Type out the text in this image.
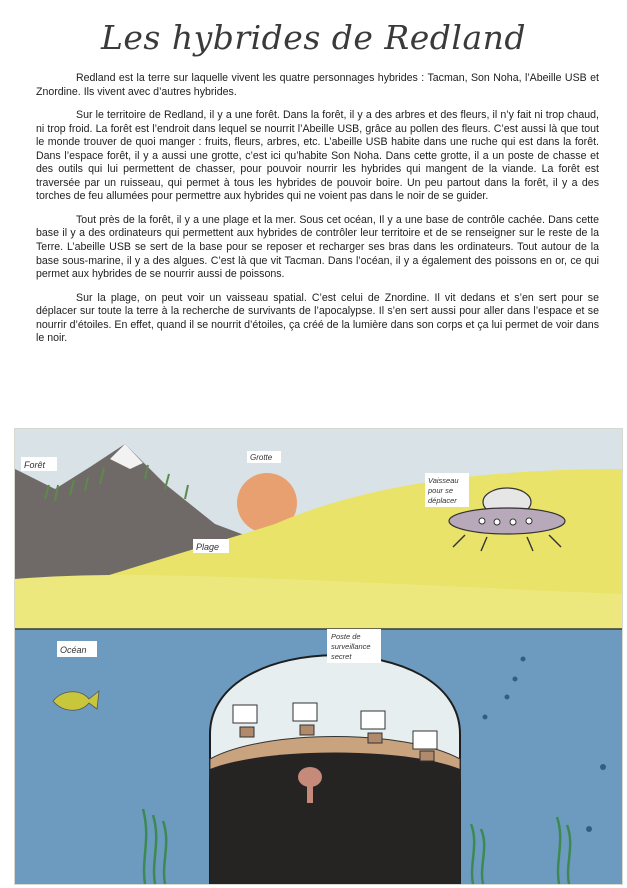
Les hybrides de Redland

Redland est la terre sur laquelle vivent les quatre personnages hybrides : Tacman, Son Noha, l’Abeille USB et Znordine. Ils vivent avec d’autres hybrides.

Sur le territoire de Redland, il y a une forêt. Dans la forêt, il y a des arbres et des fleurs, il n’y fait ni trop chaud, ni trop froid. La forêt est l’endroit dans lequel se nourrit l’Abeille USB, grâce au pollen des fleurs. C’est aussi là que tout le monde trouver de quoi manger : fruits, fleurs, arbres, etc. L’abeille USB habite dans une ruche qui est dans la forêt. Dans l’espace forêt, il y a aussi une grotte, c’est ici qu’habite Son Noha. Dans cette grotte, il a un poste de chasse et des outils qui lui permettent de chasser, pour pouvoir nourrir les hybrides qui mangent de la viande. La forêt est traversée par un ruisseau, qui permet à tous les hybrides de pouvoir boire. Un peu partout dans la forêt, il y a des torches de feu allumées pour permettre aux hybrides qui ne voient pas dans le noir de se guider.

Tout près de la forêt, il y a une plage et la mer. Sous cet océan, Il y a une base de contrôle cachée. Dans cette base il y a des ordinateurs qui permettent aux hybrides de contrôler leur territoire et de se renseigner sur le reste de la Terre. L’abeille USB se sert de la base pour se reposer et recharger ses bras dans les ordinateurs. Tout autour de la base sous-marine, il y a des algues. C’est là que vit Tacman. Dans l’océan, il y a également des poissons en or, ce qui permet aux hybrides de se nourrir aussi de poissons.

Sur la plage, on peut voir un vaisseau spatial. C’est celui de Znordine. Il vit dedans et s’en sert pour se déplacer sur toute la terre à la recherche de survivants de l’apocalypse. Il s’en sert aussi pour aller dans l’espace et se nourrir d’étoiles. En effet, quand il se nourrit d’étoiles, ça créé de la lumière dans son corps et ça lui permet de voir dans le noir.

Forêt
Grotte
Vaisseau
pour se
déplacer
Plage
Océan
Poste de
surveillance
secret
